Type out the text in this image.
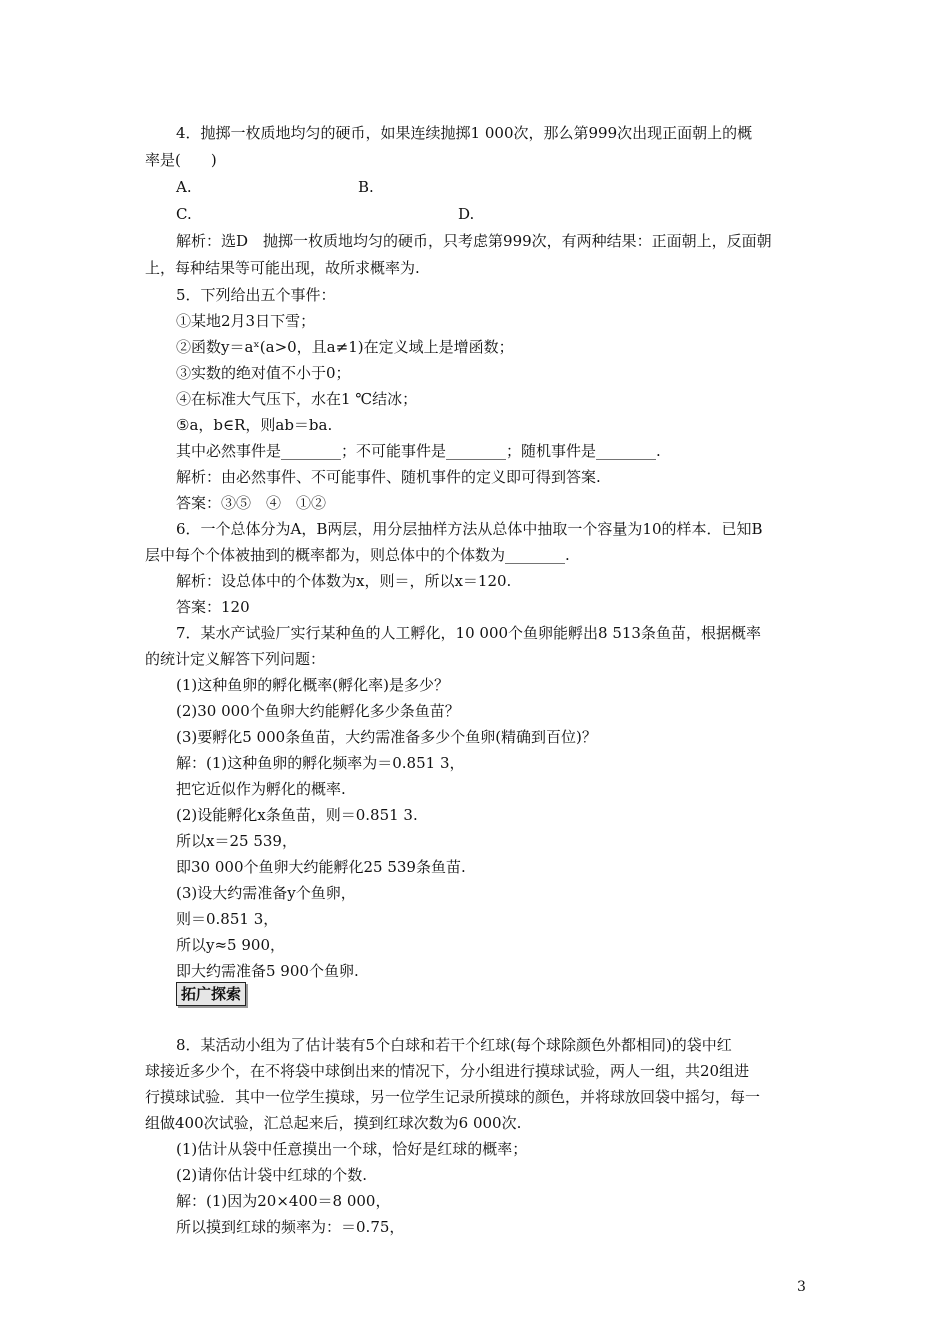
4．抛掷一枚质地均匀的硬币，如果连续抛掷1 000次，那么第999次出现正面朝上的概
率是(　　)
A.	B.
C.	D.
解析：选D　抛掷一枚质地均匀的硬币，只考虑第999次，有两种结果：正面朝上，反面朝
上，每种结果等可能出现，故所求概率为.
5．下列给出五个事件：
①某地2月3日下雪；
②函数y＝aˣ(a>0，且a≠1)在定义域上是增函数；
③实数的绝对值不小于0；
④在标准大气压下，水在1 ℃结冰；
⑤a，b∈R，则ab＝ba.
其中必然事件是________；不可能事件是________；随机事件是________.
解析：由必然事件、不可能事件、随机事件的定义即可得到答案.
答案：③⑤　④　①②
6．一个总体分为A，B两层，用分层抽样方法从总体中抽取一个容量为10的样本．已知B
层中每个个体被抽到的概率都为，则总体中的个体数为________.
解析：设总体中的个体数为x，则＝，所以x＝120.
答案：120
7．某水产试验厂实行某种鱼的人工孵化，10 000个鱼卵能孵出8 513条鱼苗，根据概率
的统计定义解答下列问题：
(1)这种鱼卵的孵化概率(孵化率)是多少？
(2)30 000个鱼卵大约能孵化多少条鱼苗？
(3)要孵化5 000条鱼苗，大约需准备多少个鱼卵(精确到百位)？
解：(1)这种鱼卵的孵化频率为＝0.851 3，
把它近似作为孵化的概率.
(2)设能孵化x条鱼苗，则＝0.851 3.
所以x＝25 539，
即30 000个鱼卵大约能孵化25 539条鱼苗.
(3)设大约需准备y个鱼卵，
则＝0.851 3，
所以y≈5 900，
即大约需准备5 900个鱼卵.
8．某活动小组为了估计装有5个白球和若干个红球(每个球除颜色外都相同)的袋中红
球接近多少个，在不将袋中球倒出来的情况下，分小组进行摸球试验，两人一组，共20组进
行摸球试验．其中一位学生摸球，另一位学生记录所摸球的颜色，并将球放回袋中摇匀，每一
组做400次试验，汇总起来后，摸到红球次数为6 000次.
(1)估计从袋中任意摸出一个球，恰好是红球的概率；
(2)请你估计袋中红球的个数.
解：(1)因为20×400＝8 000，
所以摸到红球的频率为：＝0.75，
拓广探索
3
